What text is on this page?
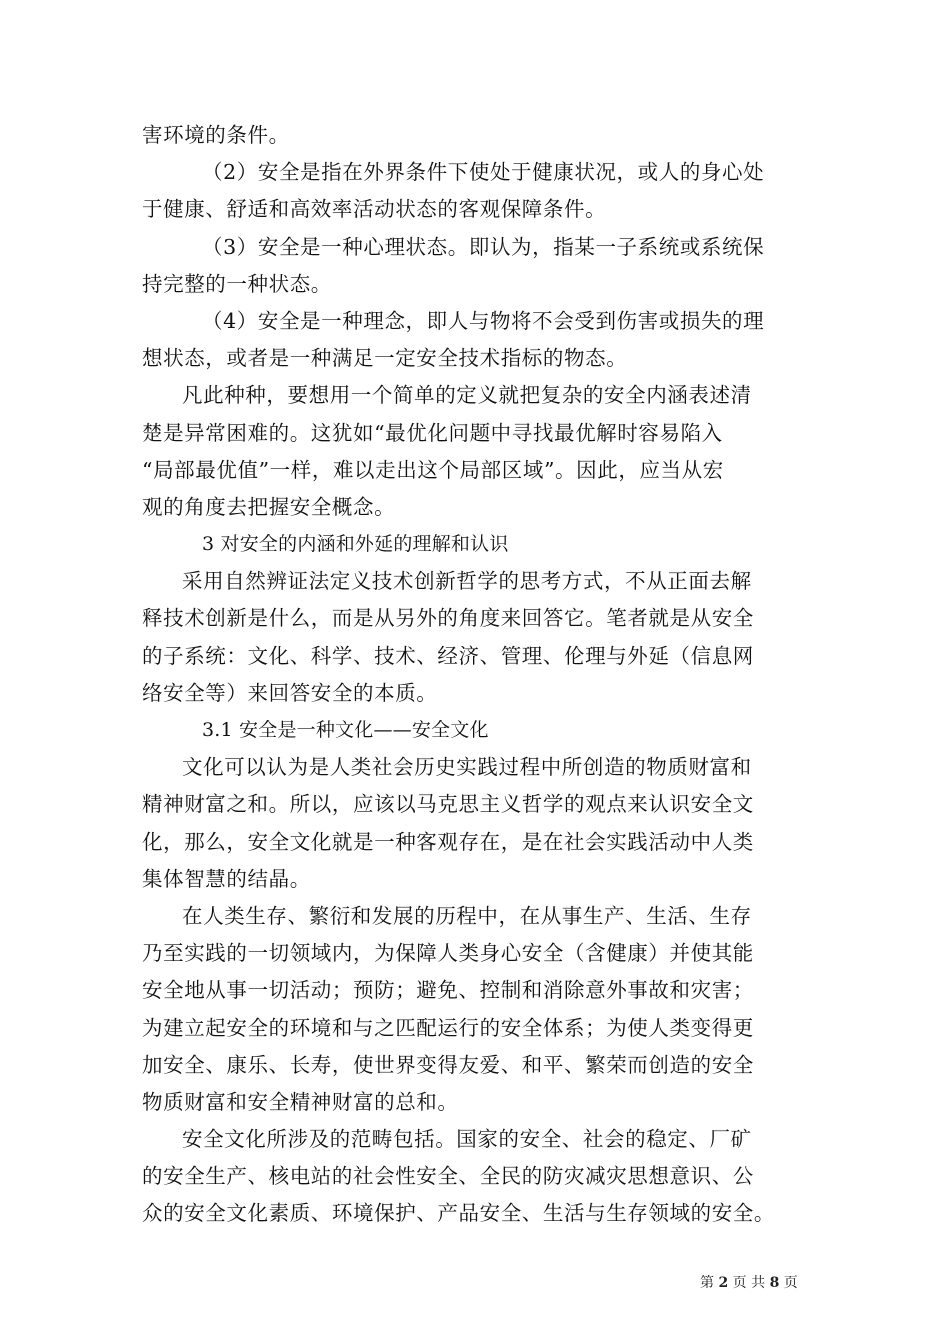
害环境的条件。
（2）安全是指在外界条件下使处于健康状况，或人的身心处
于健康、舒适和高效率活动状态的客观保障条件。
（3）安全是一种心理状态。即认为，指某一子系统或系统保
持完整的一种状态。
（4）安全是一种理念，即人与物将不会受到伤害或损失的理
想状态，或者是一种满足一定安全技术指标的物态。
凡此种种，要想用一个简单的定义就把复杂的安全内涵表述清
楚是异常困难的。这犹如“最优化问题中寻找最优解时容易陷入
“局部最优值”一样，难以走出这个局部区域”。因此，应当从宏
观的角度去把握安全概念。
3 对安全的内涵和外延的理解和认识
采用自然辨证法定义技术创新哲学的思考方式，不从正面去解
释技术创新是什么，而是从另外的角度来回答它。笔者就是从安全
的子系统：文化、科学、技术、经济、管理、伦理与外延（信息网
络安全等）来回答安全的本质。
3.1 安全是一种文化——安全文化
文化可以认为是人类社会历史实践过程中所创造的物质财富和
精神财富之和。所以，应该以马克思主义哲学的观点来认识安全文
化，那么，安全文化就是一种客观存在，是在社会实践活动中人类
集体智慧的结晶。
在人类生存、繁衍和发展的历程中，在从事生产、生活、生存
乃至实践的一切领域内，为保障人类身心安全（含健康）并使其能
安全地从事一切活动；预防；避免、控制和消除意外事故和灾害；
为建立起安全的环境和与之匹配运行的安全体系；为使人类变得更
加安全、康乐、长寿，使世界变得友爱、和平、繁荣而创造的安全
物质财富和安全精神财富的总和。
安全文化所涉及的范畴包括。国家的安全、社会的稳定、厂矿
的安全生产、核电站的社会性安全、全民的防灾减灾思想意识、公
众的安全文化素质、环境保护、产品安全、生活与生存领域的安全。
第 2 页 共 8 页
